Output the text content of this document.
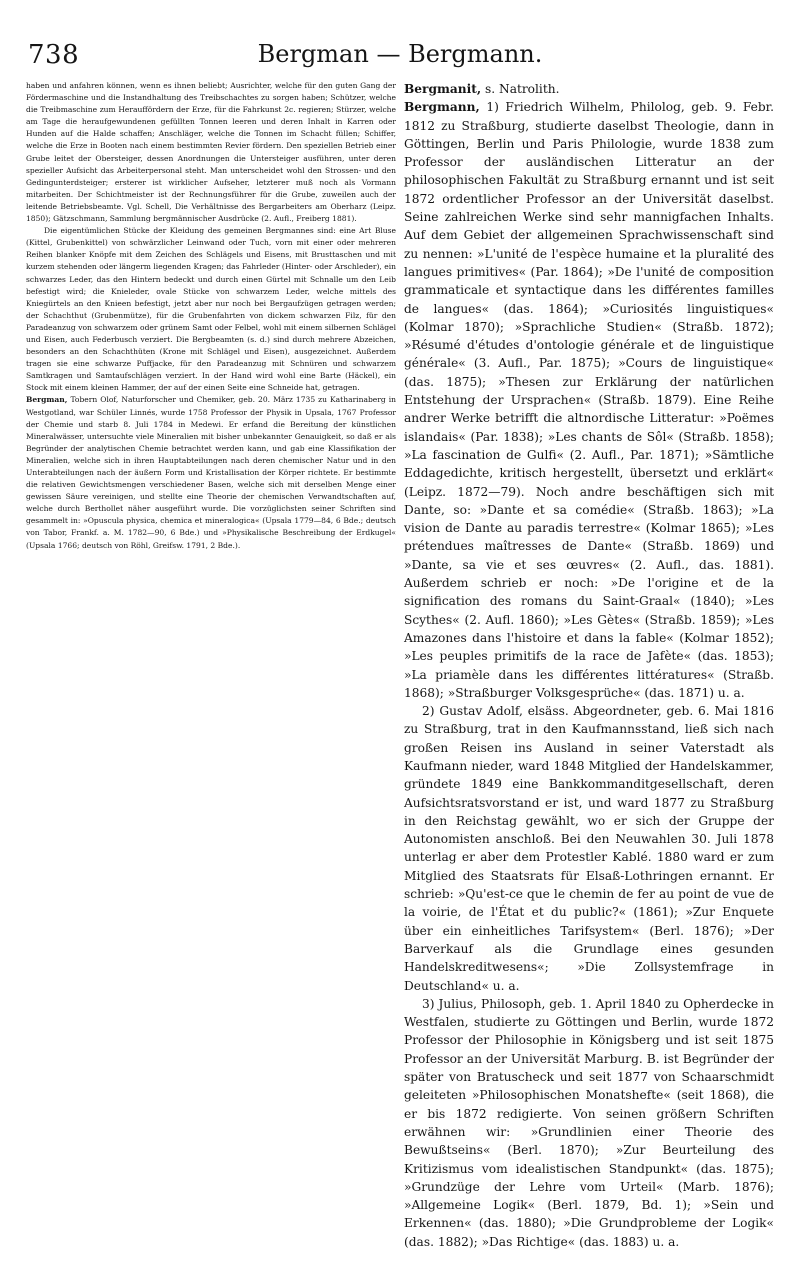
738	Bergman — Bergmann.

haben und anfahren können, wenn es ihnen beliebt; Ausrichter, welche für den guten Gang der Fördermaschine und die Instandhaltung des Treibschachtes zu sorgen haben; Schützer, welche die Treibmaschine zum Herauffördern der Erze, für die Fahrkunst 2c. regieren; Stürzer, welche am Tage die heraufgewundenen gefüllten Tonnen leeren und deren Inhalt in Karren oder Hunden auf die Halde schaffen; Anschläger, welche die Tonnen im Schacht füllen; Schiffer, welche die Erze in Booten nach einem bestimmten Revier fördern. Den speziellen Betrieb einer Grube leitet der Obersteiger, dessen Anordnungen die Untersteiger ausführen, unter deren spezieller Aufsicht das Arbeiterpersonal steht. Man unterscheidet wohl den Strossen- und den Gedingunterdsteiger; ersterer ist wirklicher Aufseher, letzterer muß noch als Vormann mitarbeiten. Der Schichtmeister ist der Rechnungsführer für die Grube, zuweilen auch der leitende Betriebsbeamte. Vgl. Schell, Die Verhältnisse des Bergarbeiters am Oberharz (Leipz. 1850); Gätzschmann, Sammlung bergmännischer Ausdrücke (2. Aufl., Freiberg 1881).

Die eigentümlichen Stücke der Kleidung des gemeinen Bergmannes sind: eine Art Bluse (Kittel, Grubenkittel) von schwärzlicher Leinwand oder Tuch, vorn mit einer oder mehreren Reihen blanker Knöpfe mit dem Zeichen des Schlägels und Eisens, mit Brusttaschen und mit kurzem stehenden oder längerm liegenden Kragen; das Fahrleder (Hinter- oder Arschleder), ein schwarzes Leder, das den Hintern bedeckt und durch einen Gürtel mit Schnalle um den Leib befestigt wird; die Knieleder, ovale Stücke von schwarzem Leder, welche mittels des Kniegürtels an den Knieen befestigt, jetzt aber nur noch bei Bergaufzügen getragen werden; der Schachthut (Grubenmütze), für die Grubenfahrten von dickem schwarzen Filz, für den Paradeanzug von schwarzem oder grünem Samt oder Felbel, wohl mit einem silbernen Schlägel und Eisen, auch Federbusch verziert. Die Bergbeamten (s. d.) sind durch mehrere Abzeichen, besonders an den Schachthüten (Krone mit Schlägel und Eisen), ausgezeichnet. Außerdem tragen sie eine schwarze Puffjacke, für den Paradeanzug mit Schnüren und schwarzem Samtkragen und Samtaufschlägen verziert. In der Hand wird wohl eine Barte (Häckel), ein Stock mit einem kleinen Hammer, der auf der einen Seite eine Schneide hat, getragen.

Bergman, Tobern Olof, Naturforscher und Chemiker, geb. 20. März 1735 zu Katharinaberg in Westgotland, war Schüler Linnés, wurde 1758 Professor der Physik in Upsala, 1767 Professor der Chemie und starb 8. Juli 1784 in Medewi. Er erfand die Bereitung der künstlichen Mineralwässer, untersuchte viele Mineralien mit bisher unbekannter Genauigkeit, so daß er als Begründer der analytischen Chemie betrachtet werden kann, und gab eine Klassifikation der Mineralien, welche sich in ihren Hauptabteilungen nach deren chemischer Natur und in den Unterabteilungen nach der äußern Form und Kristallisation der Körper richtete. Er bestimmte die relativen Gewichtsmengen verschiedener Basen, welche sich mit derselben Menge einer gewissen Säure vereinigen, und stellte eine Theorie der chemischen Verwandtschaften auf, welche durch Berthollet näher ausgeführt wurde. Die vorzüglichsten seiner Schriften sind gesammelt in: »Opuscula physica, chemica et mineralogica« (Upsala 1779—84, 6 Bde.; deutsch von Tabor, Frankf. a. M. 1782—90, 6 Bde.) und »Physikalische Beschreibung der Erdkugel« (Upsala 1766; deutsch von Röhl, Greifsw. 1791, 2 Bde.).

Bergmanit, s. Natrolith.

Bergmann, 1) Friedrich Wilhelm, Philolog, geb. 9. Febr. 1812 zu Straßburg, studierte daselbst Theologie, dann in Göttingen, Berlin und Paris Philologie, wurde 1838 zum Professor der ausländischen Litteratur an der philosophischen Fakultät zu Straßburg ernannt und ist seit 1872 ordentlicher Professor an der Universität daselbst. Seine zahlreichen Werke sind sehr mannigfachen Inhalts. Auf dem Gebiet der allgemeinen Sprachwissenschaft sind zu nennen: »L'unité de l'espèce humaine et la pluralité des langues primitives« (Par. 1864); »De l'unité de composition grammaticale et syntactique dans les différentes familles de langues« (das. 1864); »Curiosités linguistiques« (Kolmar 1870); »Sprachliche Studien« (Straßb. 1872); »Résumé d'études d'ontologie générale et de linguistique générale« (3. Aufl., Par. 1875); »Cours de linguistique« (das. 1875); »Thesen zur Erklärung der natürlichen Entstehung der Ursprachen« (Straßb. 1879). Eine Reihe andrer Werke betrifft die altnordische Litteratur: »Poëmes islandais« (Par. 1838); »Les chants de Sôl« (Straßb. 1858); »La fascination de Gulfi« (2. Aufl., Par. 1871); »Sämtliche Eddagedichte, kritisch hergestellt, übersetzt und erklärt« (Leipz. 1872—79). Noch andre beschäftigen sich mit Dante, so: »Dante et sa comédie« (Straßb. 1863); »La vision de Dante au paradis terrestre« (Kolmar 1865); »Les prétendues maîtresses de Dante« (Straßb. 1869) und »Dante, sa vie et ses œuvres« (2. Aufl., das. 1881). Außerdem schrieb er noch: »De l'origine et de la signification des romans du Saint-Graal« (1840); »Les Scythes« (2. Aufl. 1860); »Les Gètes« (Straßb. 1859); »Les Amazones dans l'histoire et dans la fable« (Kolmar 1852); »Les peuples primitifs de la race de Jafète« (das. 1853); »La priamèle dans les différentes littératures« (Straßb. 1868); »Straßburger Volksgesprüche« (das. 1871) u. a.

2) Gustav Adolf, elsäss. Abgeordneter, geb. 6. Mai 1816 zu Straßburg, trat in den Kaufmannsstand, ließ sich nach großen Reisen ins Ausland in seiner Vaterstadt als Kaufmann nieder, ward 1848 Mitglied der Handelskammer, gründete 1849 eine Bankkommanditgesellschaft, deren Aufsichtsratsvorstand er ist, und ward 1877 zu Straßburg in den Reichstag gewählt, wo er sich der Gruppe der Autonomisten anschloß. Bei den Neuwahlen 30. Juli 1878 unterlag er aber dem Protestler Kablé. 1880 ward er zum Mitglied des Staatsrats für Elsaß-Lothringen ernannt. Er schrieb: »Qu'est-ce que le chemin de fer au point de vue de la voirie, de l'État et du public?« (1861); »Zur Enquete über ein einheitliches Tarifsystem« (Berl. 1876); »Der Barverkauf als die Grundlage eines gesunden Handelskreditwesens«; »Die Zollsystemfrage in Deutschland« u. a.

3) Julius, Philosoph, geb. 1. April 1840 zu Opherdecke in Westfalen, studierte zu Göttingen und Berlin, wurde 1872 Professor der Philosophie in Königsberg und ist seit 1875 Professor an der Universität Marburg. B. ist Begründer der später von Bratuscheck und seit 1877 von Schaarschmidt geleiteten »Philosophischen Monatshefte« (seit 1868), die er bis 1872 redigierte. Von seinen größern Schriften erwähnen wir: »Grundlinien einer Theorie des Bewußtseins« (Berl. 1870); »Zur Beurteilung des Kritizismus vom idealistischen Standpunkt« (das. 1875); »Grundzüge der Lehre vom Urteil« (Marb. 1876); »Allgemeine Logik« (Berl. 1879, Bd. 1); »Sein und Erkennen« (das. 1880); »Die Grundprobleme der Logik« (das. 1882); »Das Richtige« (das. 1883) u. a.
